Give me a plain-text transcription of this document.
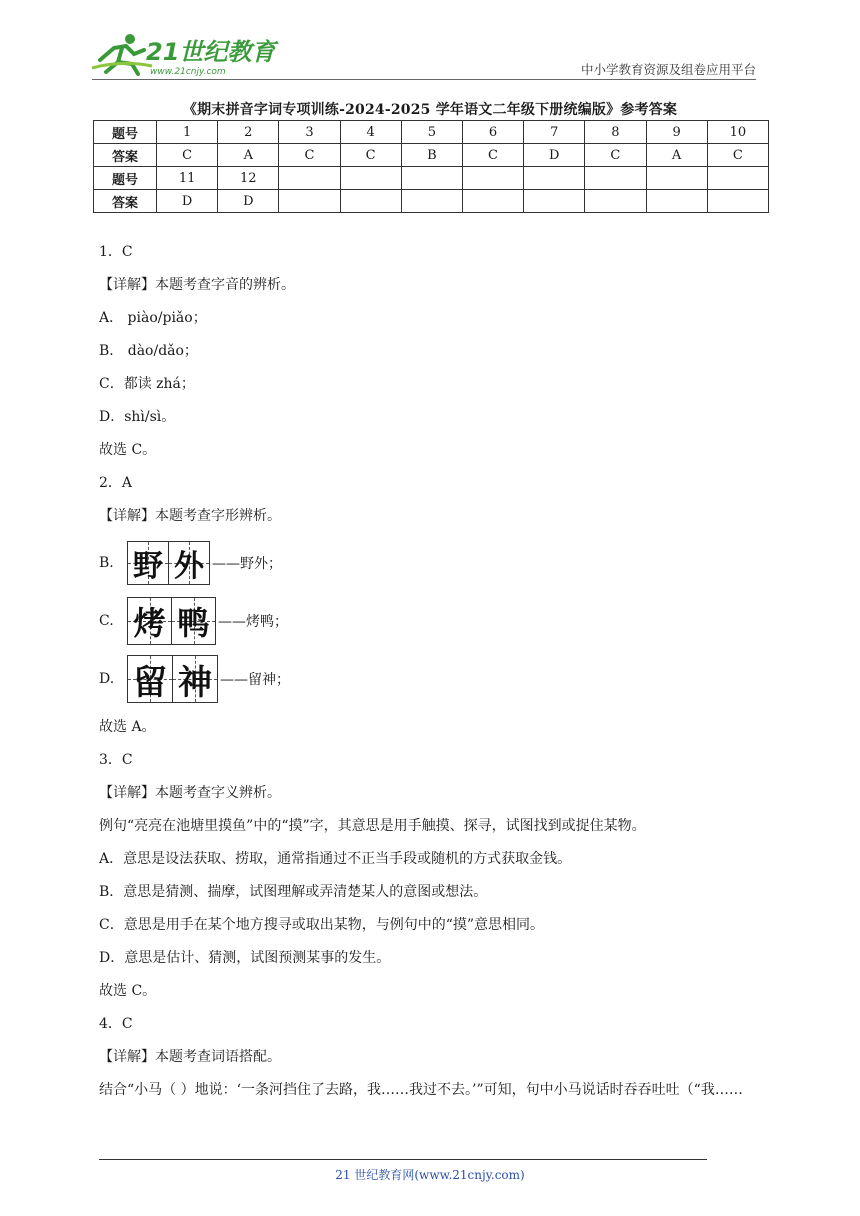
21世纪教育
www.21cnjy.com	中小学教育资源及组卷应用平台
《期末拼音字词专项训练-2024-2025 学年语文二年级下册统编版》参考答案
题号	1	2	3	4	5	6	7	8	9	10
答案	C	A	C	C	B	C	D	C	A	C
题号	11	12								
答案	D	D								
1．C
【详解】本题考查字音的辨析。
A． piào/piǎo；
B． dào/dǎo；
C．都读 zhá；
D．shì/sì。
故选 C。
2．A
【详解】本题考查字形辨析。
B. 野 外 ——野外；
C. 烤 鸭 ——烤鸭；
D. 留 神 ——留神；
故选 A。
3．C
【详解】本题考查字义辨析。
例句“亮亮在池塘里摸鱼”中的“摸”字，其意思是用手触摸、探寻，试图找到或捉住某物。
A．意思是设法获取、捞取，通常指通过不正当手段或随机的方式获取金钱。
B．意思是猜测、揣摩，试图理解或弄清楚某人的意图或想法。
C．意思是用手在某个地方搜寻或取出某物，与例句中的“摸”意思相同。
D．意思是估计、猜测，试图预测某事的发生。
故选 C。
4．C
【详解】本题考查词语搭配。
结合“小马（ ）地说：‘一条河挡住了去路，我……我过不去。’”可知，句中小马说话时吞吞吐吐（“我……
21 世纪教育网(www.21cnjy.com)
